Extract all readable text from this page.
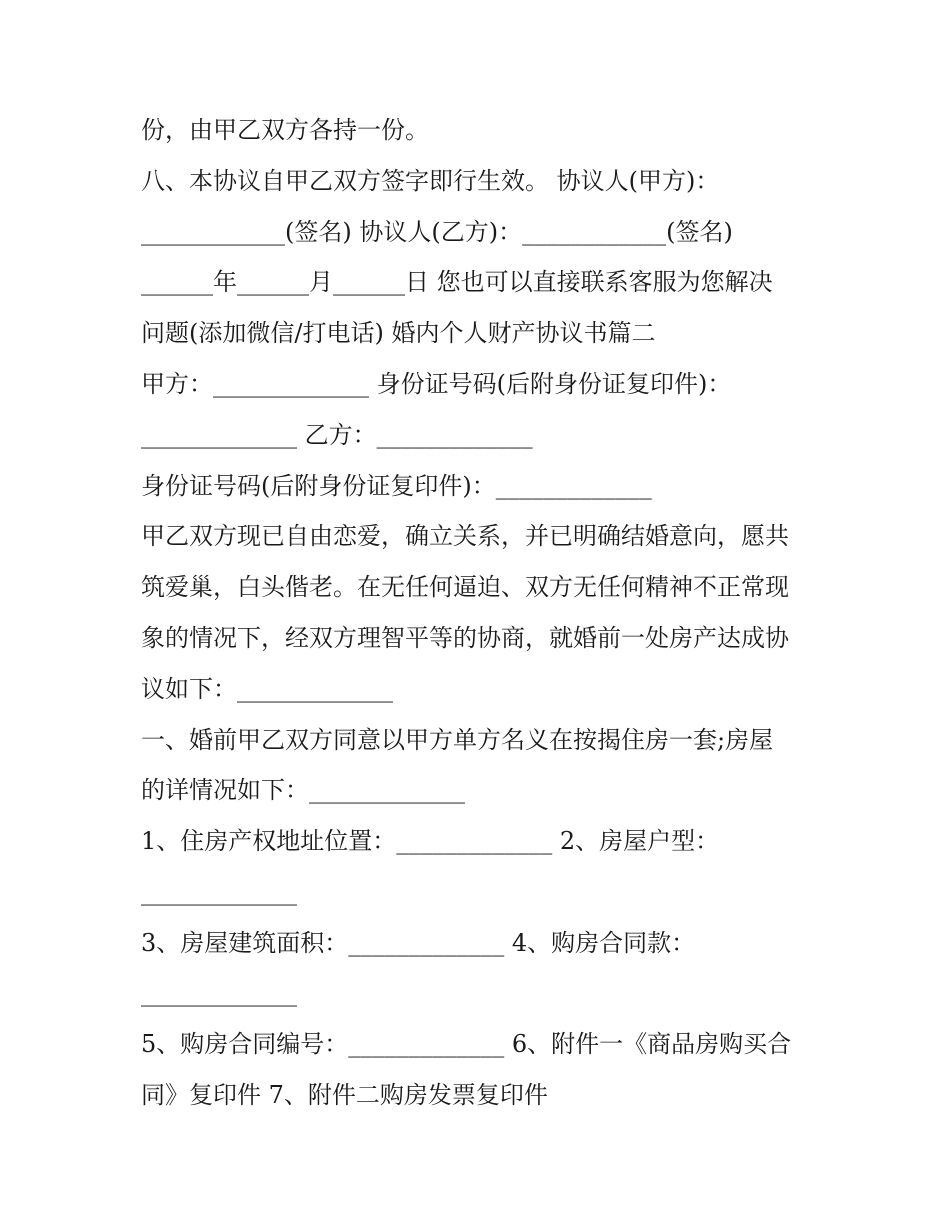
份，由甲乙双方各持一份。
八、本协议自甲乙双方签字即行生效。 协议人(甲方)：
____________(签名) 协议人(乙方)：____________(签名)
______年______月______日 您也可以直接联系客服为您解决
问题(添加微信/打电话) 婚内个人财产协议书篇二
甲方：_____________ 身份证号码(后附身份证复印件)：
_____________ 乙方：_____________
身份证号码(后附身份证复印件)：_____________
甲乙双方现已自由恋爱，确立关系，并已明确结婚意向，愿共
筑爱巢，白头偕老。在无任何逼迫、双方无任何精神不正常现
象的情况下，经双方理智平等的协商，就婚前一处房产达成协
议如下：_____________
一、婚前甲乙双方同意以甲方单方名义在按揭住房一套;房屋
的详情况如下：_____________
1、住房产权地址位置：_____________ 2、房屋户型：
_____________
3、房屋建筑面积：_____________ 4、购房合同款：
_____________
5、购房合同编号：_____________ 6、附件一《商品房购买合
同》复印件 7、附件二购房发票复印件
